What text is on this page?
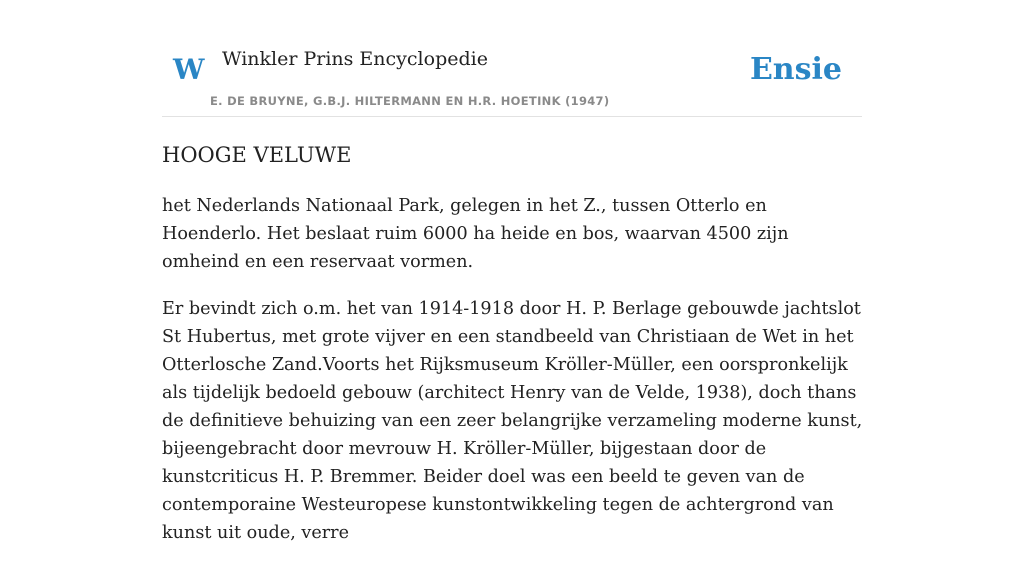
W Winkler Prins Encyclopedie
E. DE BRUYNE, G.B.J. HILTERMANN EN H.R. HOETINK (1947)
Ensie
HOOGE VELUWE

het Nederlands Nationaal Park, gelegen in het Z., tussen Otterlo en Hoenderlo. Het beslaat ruim 6000 ha heide en bos, waarvan 4500 zijn omheind en een reservaat vormen.

Er bevindt zich o.m. het van 1914-1918 door H. P. Berlage gebouwde jachtslot St Hubertus, met grote vijver en een standbeeld van Christiaan de Wet in het Otterlosche Zand.Voorts het Rijksmuseum Kröller-Müller, een oorspronkelijk als tijdelijk bedoeld gebouw (architect Henry van de Velde, 1938), doch thans de definitieve behuizing van een zeer belangrijke verzameling moderne kunst, bijeengebracht door mevrouw H. Kröller-Müller, bijgestaan door de kunstcriticus H. P. Bremmer. Beider doel was een beeld te geven van de contemporaine Westeuropese kunstontwikkeling tegen de achtergrond van kunst uit oude, verre
